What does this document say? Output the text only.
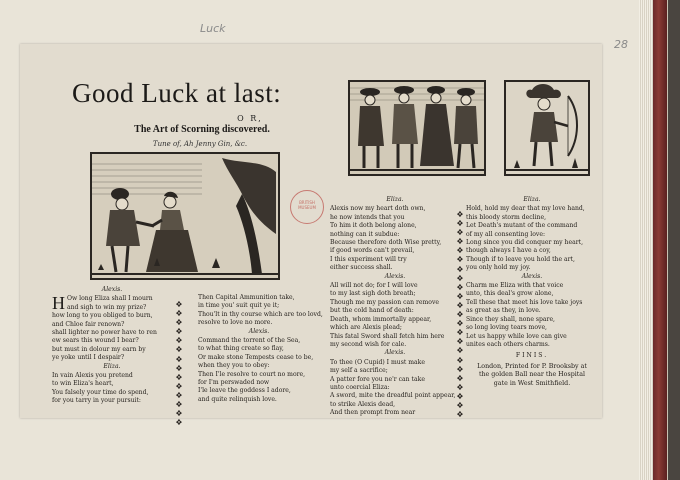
Luck
28
Good Luck at last:
O R,
The Art of Scorning discovered.
Tune of, Ah Jenny Gin, &c.
BRITISH
MUSEUM
Alexis.
H Ow long Eliza shall I mourn
and sigh to win my prize?
how long to you obliged to burn,
and Chloe fair renown?
shall lighter no power have to ren
ew sears this wound I bear?
but must in dolour my earn by
ye yoke until I despair?
Eliza.
In vain Alexis you pretend
to win Eliza's heart,
You falsely your time do spend,
for you tarry in your pursuit:
❖
❖
❖
❖
❖
❖
❖
❖
❖
❖
❖
❖
❖
❖
Then Capital Ammunition take,
in time you' suit quit ye it;
Thou'lt in thy course which are too lovd,
resolve to love no more.
Alexis.
Command the torrent of the Sea,
to what thing create so flay,
Or make stone Tempests cease to be,
when they you to obey:
Then I'le resolve to court no more,
for I'm perswaded now
I'le leave the goddess I adore,
and quite relinquish love.
Eliza.
Alexis now my heart doth own,
he now intends that you
To him it doth belong alone,
nothing can it subdue:
Because therefore doth Wise pretty,
if good words can't prevail,
I this experiment will try
either success shall.
Alexis.
All will not do; for I will love
to my last sigh doth breath;
Though me my passion can remove
but the cold hand of death:
Death, whom immortally appear,
which are Alexis plead;
This fatal Sword shall fetch him here
my second wish for cale.
Alexis.
To thee (O Cupid) I must make
my self a sacrifice;
A patter fore you ne'r can take
unto coercial Eliza:
A sword, mite the dreadful point appear,
to strike Alexis dead,
And then prompt from near
❖
❖
❖
❖
❖
❖
❖
❖
❖
❖
❖
❖
❖
❖
❖
❖
❖
❖
❖
❖
❖
❖
❖
Eliza.
Hold, hold my dear that my love hand,
this bloody storm decline,
Let Death's mutant of the command
of my all consenting love:
Long since you did conquer my heart,
though always I have a coy,
Though if to leave you hold the art,
you only hold my joy.
Alexis.
Charm me Eliza with that voice
unto, this deal's grow alone,
Tell these that meet his love take joys
as great as they, in love.
Since they shall, none spare,
so long loving tears move,
Let us happy while love can give
unites each others charms.
FINIS.
London, Printed for P. Brooksby at
the golden Ball near the Hospital
gate in West Smithfield.
